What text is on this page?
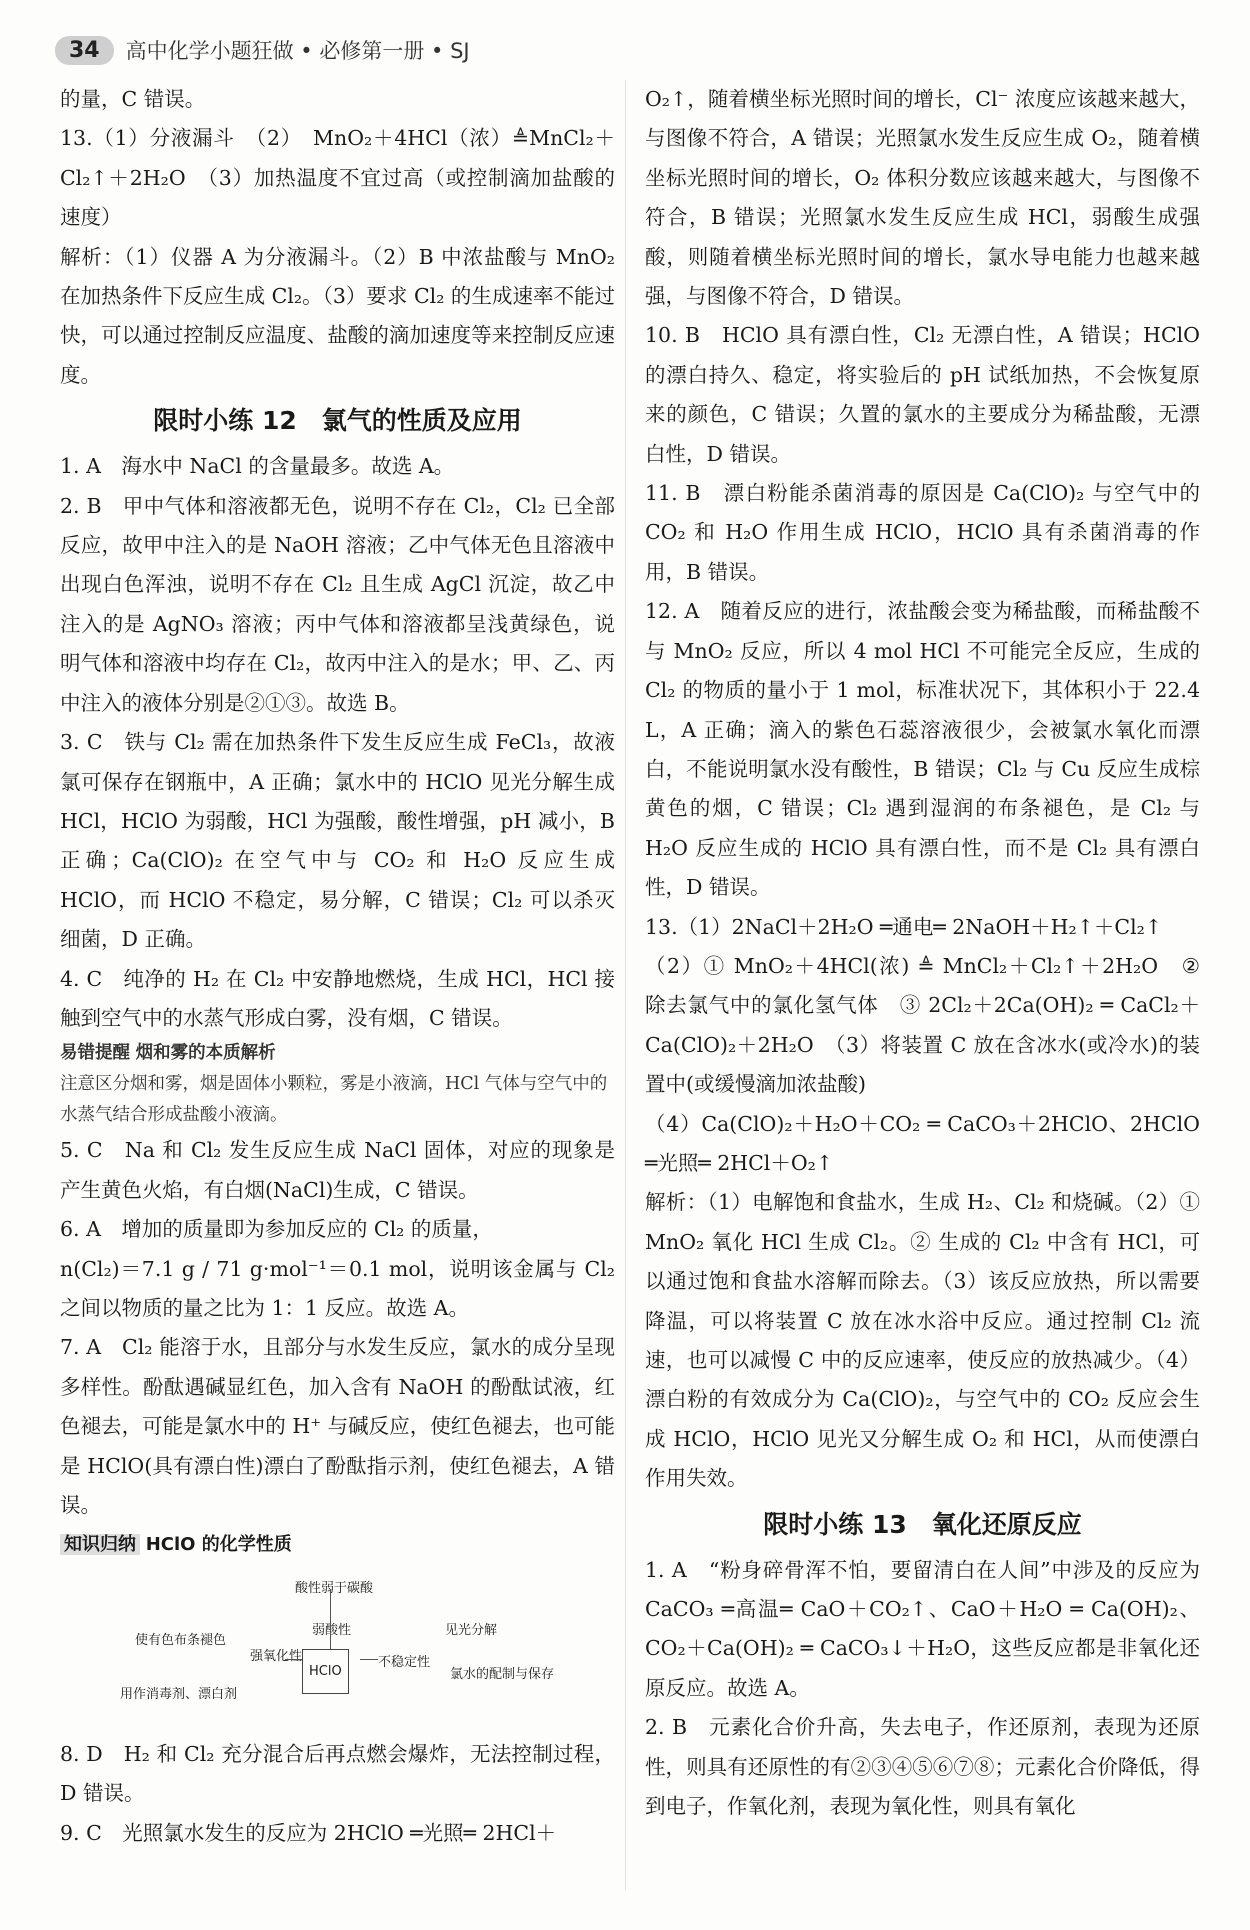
34	高中化学小题狂做 • 必修第一册 • SJ

的量，C 错误。

13.（1）分液漏斗　（2）　MnO₂＋4HCl（浓）≜MnCl₂＋Cl₂↑＋2H₂O　（3）加热温度不宜过高（或控制滴加盐酸的速度）

解析：（1）仪器 A 为分液漏斗。（2）B 中浓盐酸与 MnO₂ 在加热条件下反应生成 Cl₂。（3）要求 Cl₂ 的生成速率不能过快，可以通过控制反应温度、盐酸的滴加速度等来控制反应速度。

限时小练 12　氯气的性质及应用

1. A　海水中 NaCl 的含量最多。故选 A。

2. B　甲中气体和溶液都无色，说明不存在 Cl₂，Cl₂ 已全部反应，故甲中注入的是 NaOH 溶液；乙中气体无色且溶液中出现白色浑浊，说明不存在 Cl₂ 且生成 AgCl 沉淀，故乙中注入的是 AgNO₃ 溶液；丙中气体和溶液都呈浅黄绿色，说明气体和溶液中均存在 Cl₂，故丙中注入的是水；甲、乙、丙中注入的液体分别是②①③。故选 B。

3. C　铁与 Cl₂ 需在加热条件下发生反应生成 FeCl₃，故液氯可保存在钢瓶中，A 正确；氯水中的 HClO 见光分解生成 HCl，HClO 为弱酸，HCl 为强酸，酸性增强，pH 减小，B 正确；Ca(ClO)₂ 在空气中与 CO₂ 和 H₂O 反应生成 HClO，而 HClO 不稳定，易分解，C 错误；Cl₂ 可以杀灭细菌，D 正确。

4. C　纯净的 H₂ 在 Cl₂ 中安静地燃烧，生成 HCl，HCl 接触到空气中的水蒸气形成白雾，没有烟，C 错误。

易错提醒 烟和雾的本质解析
注意区分烟和雾，烟是固体小颗粒，雾是小液滴，HCl 气体与空气中的水蒸气结合形成盐酸小液滴。

5. C　Na 和 Cl₂ 发生反应生成 NaCl 固体，对应的现象是产生黄色火焰，有白烟(NaCl)生成，C 错误。

6. A　增加的质量即为参加反应的 Cl₂ 的质量，

n(Cl₂)＝7.1 g / 71 g·mol⁻¹＝0.1 mol，说明该金属与 Cl₂ 之间以物质的量之比为 1：1 反应。故选 A。

7. A　Cl₂ 能溶于水，且部分与水发生反应，氯水的成分呈现多样性。酚酞遇碱显红色，加入含有 NaOH 的酚酞试液，红色褪去，可能是氯水中的 H⁺ 与碱反应，使红色褪去，也可能是 HClO(具有漂白性)漂白了酚酞指示剂，使红色褪去，A 错误。

知识归纳 HClO 的化学性质
酸性弱于碳酸
弱酸性	见光分解
使有色布条褪色
强氧化性
HClO
不稳定性
氯水的配制与保存
用作消毒剂、漂白剂

8. D　H₂ 和 Cl₂ 充分混合后再点燃会爆炸，无法控制过程，D 错误。

9. C　光照氯水发生的反应为 2HClO ═光照═ 2HCl＋

O₂↑，随着横坐标光照时间的增长，Cl⁻ 浓度应该越来越大，与图像不符合，A 错误；光照氯水发生反应生成 O₂，随着横坐标光照时间的增长，O₂ 体积分数应该越来越大，与图像不符合，B 错误；光照氯水发生反应生成 HCl，弱酸生成强酸，则随着横坐标光照时间的增长，氯水导电能力也越来越强，与图像不符合，D 错误。

10. B　HClO 具有漂白性，Cl₂ 无漂白性，A 错误；HClO 的漂白持久、稳定，将实验后的 pH 试纸加热，不会恢复原来的颜色，C 错误；久置的氯水的主要成分为稀盐酸，无漂白性，D 错误。

11. B　漂白粉能杀菌消毒的原因是 Ca(ClO)₂ 与空气中的 CO₂ 和 H₂O 作用生成 HClO，HClO 具有杀菌消毒的作用，B 错误。

12. A　随着反应的进行，浓盐酸会变为稀盐酸，而稀盐酸不与 MnO₂ 反应，所以 4 mol HCl 不可能完全反应，生成的 Cl₂ 的物质的量小于 1 mol，标准状况下，其体积小于 22.4 L，A 正确；滴入的紫色石蕊溶液很少，会被氯水氧化而漂白，不能说明氯水没有酸性，B 错误；Cl₂ 与 Cu 反应生成棕黄色的烟，C 错误；Cl₂ 遇到湿润的布条褪色，是 Cl₂ 与 H₂O 反应生成的 HClO 具有漂白性，而不是 Cl₂ 具有漂白性，D 错误。

13.（1）2NaCl＋2H₂O ═通电═ 2NaOH＋H₂↑＋Cl₂↑

（2）① MnO₂＋4HCl(浓) ≜ MnCl₂＋Cl₂↑＋2H₂O　② 除去氯气中的氯化氢气体　③ 2Cl₂＋2Ca(OH)₂ ═ CaCl₂＋Ca(ClO)₂＋2H₂O　（3）将装置 C 放在含冰水(或冷水)的装置中(或缓慢滴加浓盐酸)

（4）Ca(ClO)₂＋H₂O＋CO₂ ═ CaCO₃＋2HClO、2HClO ═光照═ 2HCl＋O₂↑

解析：（1）电解饱和食盐水，生成 H₂、Cl₂ 和烧碱。（2）① MnO₂ 氧化 HCl 生成 Cl₂。② 生成的 Cl₂ 中含有 HCl，可以通过饱和食盐水溶解而除去。（3）该反应放热，所以需要降温，可以将装置 C 放在冰水浴中反应。通过控制 Cl₂ 流速，也可以减慢 C 中的反应速率，使反应的放热减少。（4）漂白粉的有效成分为 Ca(ClO)₂，与空气中的 CO₂ 反应会生成 HClO，HClO 见光又分解生成 O₂ 和 HCl，从而使漂白作用失效。

限时小练 13　氧化还原反应

1. A　“粉身碎骨浑不怕，要留清白在人间”中涉及的反应为 CaCO₃ ═高温═ CaO＋CO₂↑、CaO＋H₂O ═ Ca(OH)₂、CO₂＋Ca(OH)₂ ═ CaCO₃↓＋H₂O，这些反应都是非氧化还原反应。故选 A。

2. B　元素化合价升高，失去电子，作还原剂，表现为还原性，则具有还原性的有②③④⑤⑥⑦⑧；元素化合价降低，得到电子，作氧化剂，表现为氧化性，则具有氧化
